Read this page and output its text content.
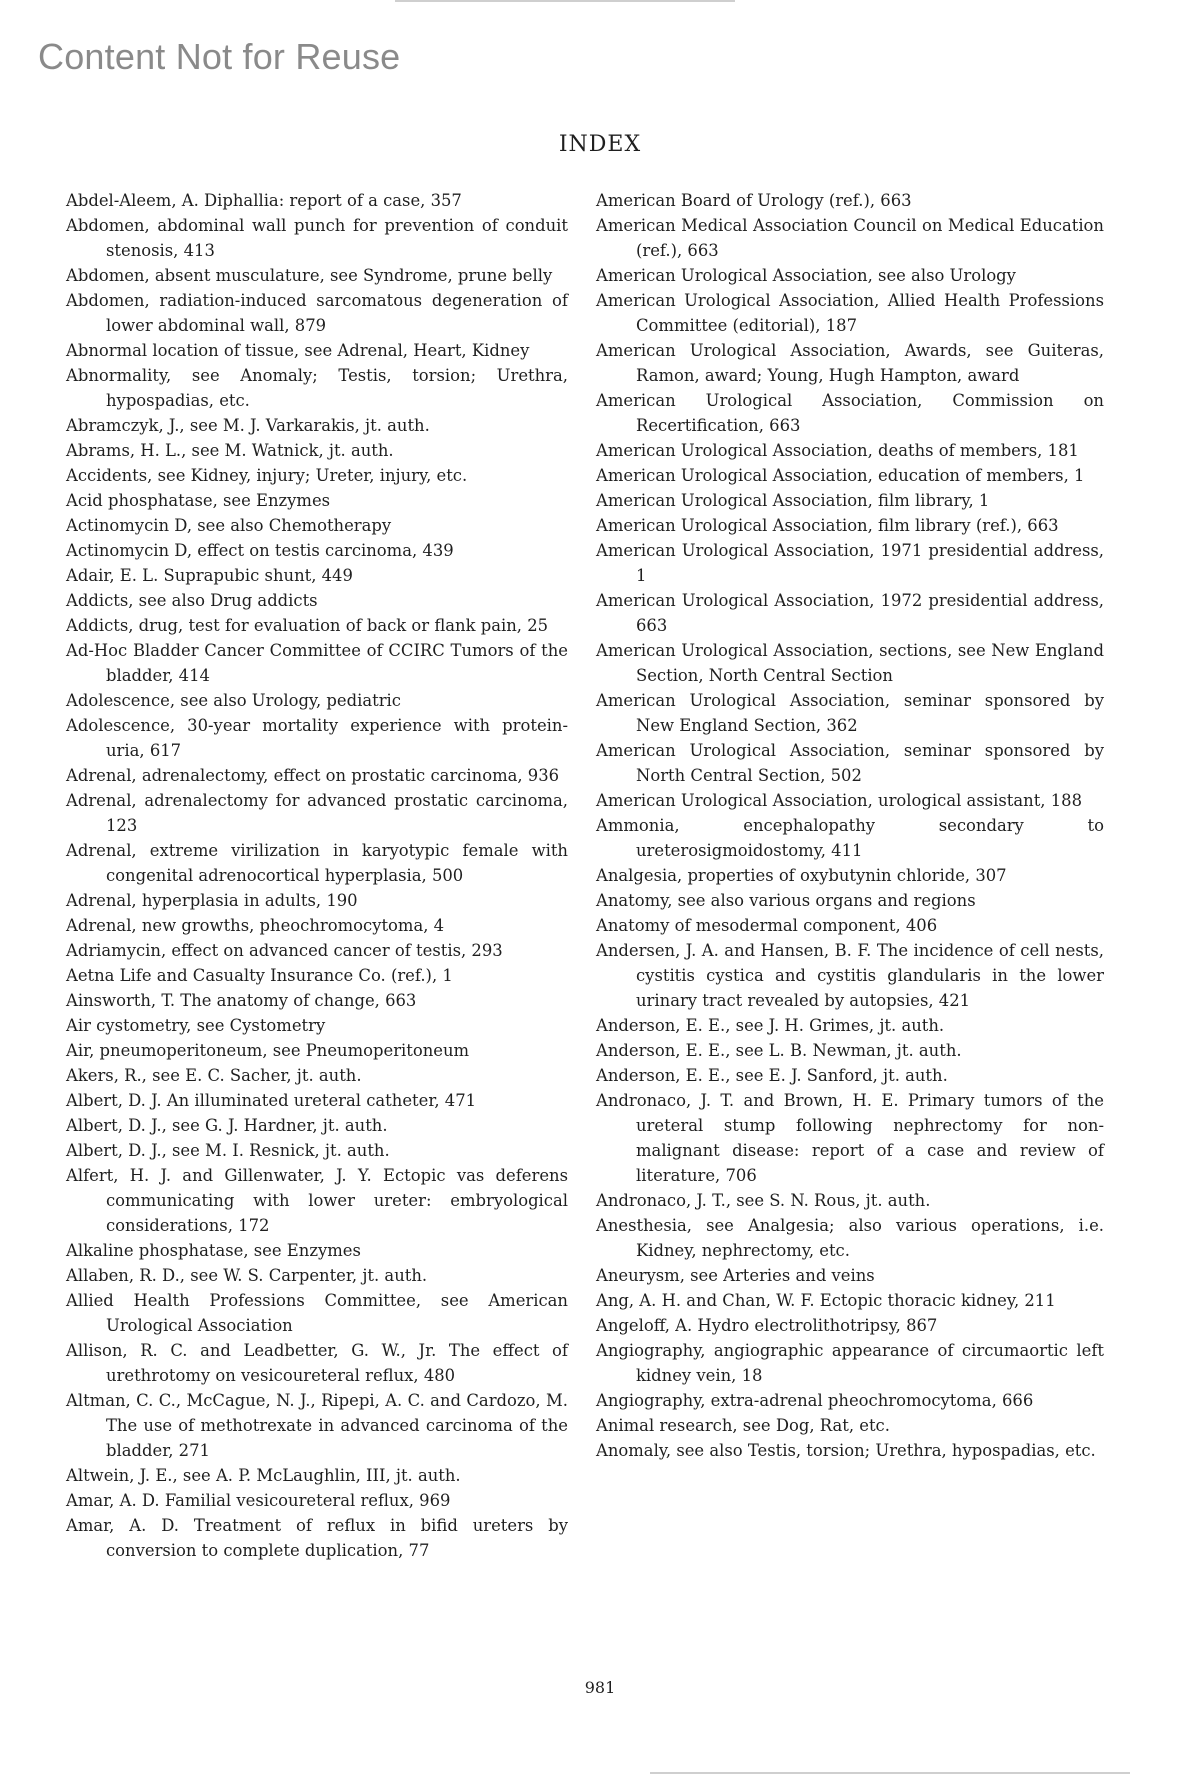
Content Not for Reuse
INDEX
Abdel-Aleem, A. Diphallia: report of a case, 357
Abdomen, abdominal wall punch for prevention of conduit stenosis, 413
Abdomen, absent musculature, see Syndrome, prune belly
Abdomen, radiation-induced sarcomatous degeneration of lower abdominal wall, 879
Abnormal location of tissue, see Adrenal, Heart, Kidney
Abnormality, see Anomaly; Testis, torsion; Urethra, hypospadias, etc.
Abramczyk, J., see M. J. Varkarakis, jt. auth.
Abrams, H. L., see M. Watnick, jt. auth.
Accidents, see Kidney, injury; Ureter, injury, etc.
Acid phosphatase, see Enzymes
Actinomycin D, see also Chemotherapy
Actinomycin D, effect on testis carcinoma, 439
Adair, E. L. Suprapubic shunt, 449
Addicts, see also Drug addicts
Addicts, drug, test for evaluation of back or flank pain, 25
Ad-Hoc Bladder Cancer Committee of CCIRC Tumors of the bladder, 414
Adolescence, see also Urology, pediatric
Adolescence, 30-year mortality experience with protein-uria, 617
Adrenal, adrenalectomy, effect on prostatic carcinoma, 936
Adrenal, adrenalectomy for advanced prostatic carcinoma, 123
Adrenal, extreme virilization in karyotypic female with congenital adrenocortical hyperplasia, 500
Adrenal, hyperplasia in adults, 190
Adrenal, new growths, pheochromocytoma, 4
Adriamycin, effect on advanced cancer of testis, 293
Aetna Life and Casualty Insurance Co. (ref.), 1
Ainsworth, T. The anatomy of change, 663
Air cystometry, see Cystometry
Air, pneumoperitoneum, see Pneumoperitoneum
Akers, R., see E. C. Sacher, jt. auth.
Albert, D. J. An illuminated ureteral catheter, 471
Albert, D. J., see G. J. Hardner, jt. auth.
Albert, D. J., see M. I. Resnick, jt. auth.
Alfert, H. J. and Gillenwater, J. Y. Ectopic vas deferens communicating with lower ureter: embryological considerations, 172
Alkaline phosphatase, see Enzymes
Allaben, R. D., see W. S. Carpenter, jt. auth.
Allied Health Professions Committee, see American Urological Association
Allison, R. C. and Leadbetter, G. W., Jr. The effect of urethrotomy on vesicoureteral reflux, 480
Altman, C. C., McCague, N. J., Ripepi, A. C. and Cardozo, M. The use of methotrexate in advanced carcinoma of the bladder, 271
Altwein, J. E., see A. P. McLaughlin, III, jt. auth.
Amar, A. D. Familial vesicoureteral reflux, 969
Amar, A. D. Treatment of reflux in bifid ureters by conversion to complete duplication, 77
American Board of Urology (ref.), 663
American Medical Association Council on Medical Education (ref.), 663
American Urological Association, see also Urology
American Urological Association, Allied Health Professions Committee (editorial), 187
American Urological Association, Awards, see Guiteras, Ramon, award; Young, Hugh Hampton, award
American Urological Association, Commission on Recertification, 663
American Urological Association, deaths of members, 181
American Urological Association, education of members, 1
American Urological Association, film library, 1
American Urological Association, film library (ref.), 663
American Urological Association, 1971 presidential address, 1
American Urological Association, 1972 presidential address, 663
American Urological Association, sections, see New England Section, North Central Section
American Urological Association, seminar sponsored by New England Section, 362
American Urological Association, seminar sponsored by North Central Section, 502
American Urological Association, urological assistant, 188
Ammonia, encephalopathy secondary to ureterosigmoidostomy, 411
Analgesia, properties of oxybutynin chloride, 307
Anatomy, see also various organs and regions
Anatomy of mesodermal component, 406
Andersen, J. A. and Hansen, B. F. The incidence of cell nests, cystitis cystica and cystitis glandularis in the lower urinary tract revealed by autopsies, 421
Anderson, E. E., see J. H. Grimes, jt. auth.
Anderson, E. E., see L. B. Newman, jt. auth.
Anderson, E. E., see E. J. Sanford, jt. auth.
Andronaco, J. T. and Brown, H. E. Primary tumors of the ureteral stump following nephrectomy for non-malignant disease: report of a case and review of literature, 706
Andronaco, J. T., see S. N. Rous, jt. auth.
Anesthesia, see Analgesia; also various operations, i.e. Kidney, nephrectomy, etc.
Aneurysm, see Arteries and veins
Ang, A. H. and Chan, W. F. Ectopic thoracic kidney, 211
Angeloff, A. Hydro electrolithotripsy, 867
Angiography, angiographic appearance of circumaortic left kidney vein, 18
Angiography, extra-adrenal pheochromocytoma, 666
Animal research, see Dog, Rat, etc.
Anomaly, see also Testis, torsion; Urethra, hypospadias, etc.
981
